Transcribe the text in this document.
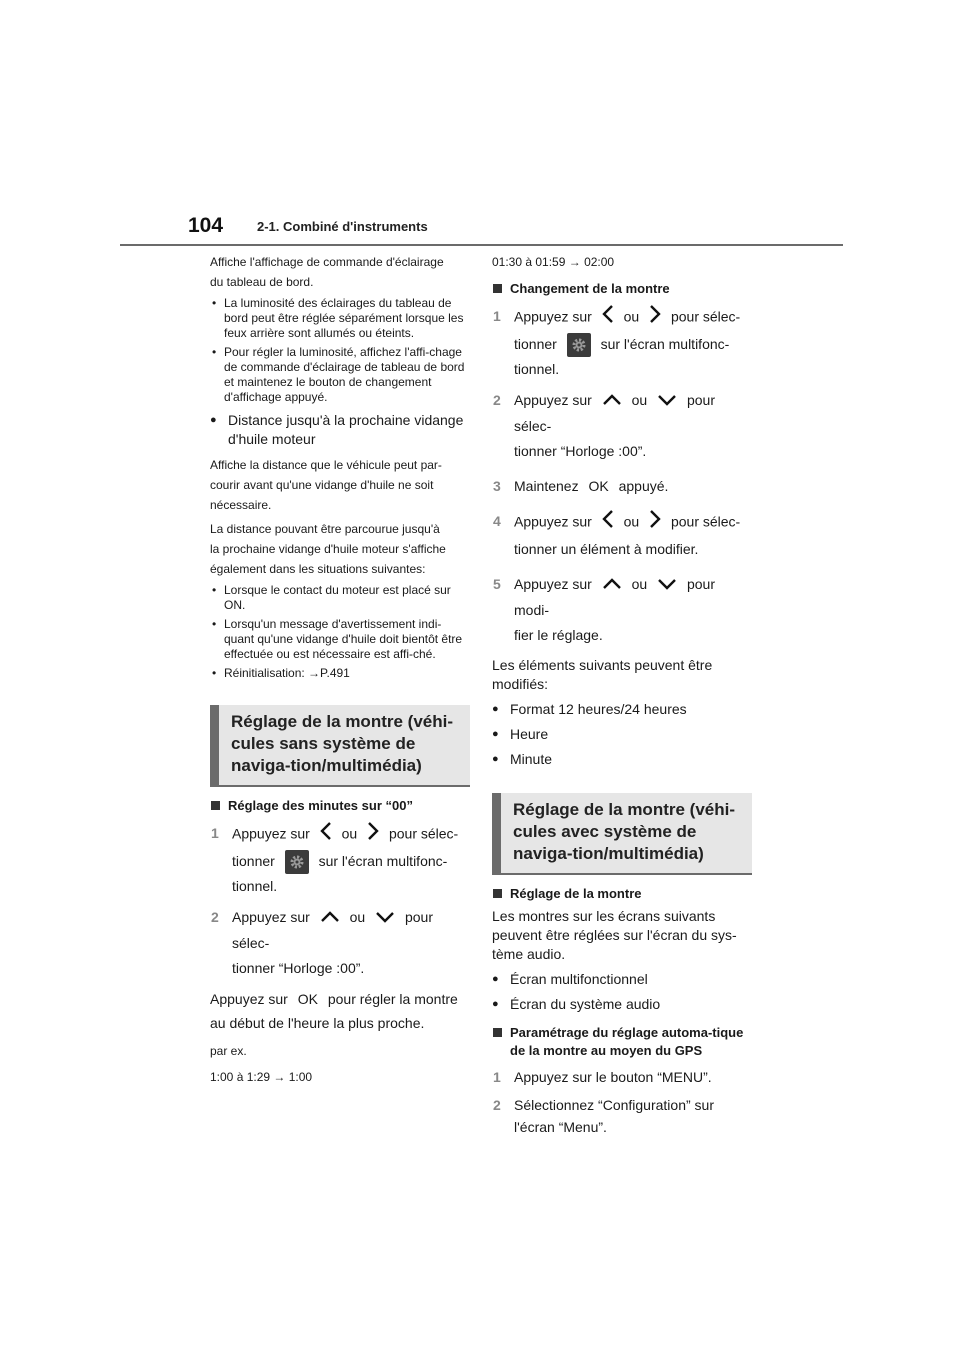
104	2-1. Combiné d'instruments
Affiche l'affichage de commande d'éclairage
du tableau de bord.
• La luminosité des éclairages du tableau de bord peut être réglée séparément lorsque les feux arrière sont allumés ou éteints.
• Pour régler la luminosité, affichez l'affi-chage de commande d'éclairage de tableau de bord et maintenez le bouton de changement d'affichage appuyé.
● Distance jusqu'à la prochaine vidange d'huile moteur
Affiche la distance que le véhicule peut par-
courir avant qu'une vidange d'huile ne soit
nécessaire.
La distance pouvant être parcourue jusqu'à
la prochaine vidange d'huile moteur s'affiche
également dans les situations suivantes:
• Lorsque le contact du moteur est placé sur ON.
• Lorsqu'un message d'avertissement indi-quant qu'une vidange d'huile doit bientôt être effectuée ou est nécessaire est affi-ché.
• Réinitialisation: →P.491
Réglage de la montre (véhi-cules sans système de naviga-tion/multimédia)
Réglage des minutes sur “00”
1 Appuyez sur ou pour sélec-
tionner	sur l'écran multifonc-
tionnel.
2 Appuyez sur	ou	pour sélec-
tionner “Horloge :00”.
Appuyez sur OK pour régler la montre
au début de l'heure la plus proche.
par ex.
1:00 à 1:29 → 1:00
01:30 à 01:59 → 02:00
Changement de la montre
1 Appuyez sur ou pour sélec-
tionner	sur l'écran multifonc-
tionnel.
2 Appuyez sur	ou	pour sélec-
tionner “Horloge :00”.
3 Maintenez OK appuyé.
4 Appuyez sur ou pour sélec-
tionner un élément à modifier.
5 Appuyez sur	ou	pour modi-
fier le réglage.
Les éléments suivants peuvent être modifiés:
● Format 12 heures/24 heures
● Heure
● Minute
Réglage de la montre (véhi-cules avec système de naviga-tion/multimédia)
Réglage de la montre
Les montres sur les écrans suivants peuvent être réglées sur l'écran du sys-tème audio.
● Écran multifonctionnel
● Écran du système audio
Paramétrage du réglage automa-tique de la montre au moyen du GPS
1 Appuyez sur le bouton “MENU”.
2 Sélectionnez “Configuration” sur l'écran “Menu”.
